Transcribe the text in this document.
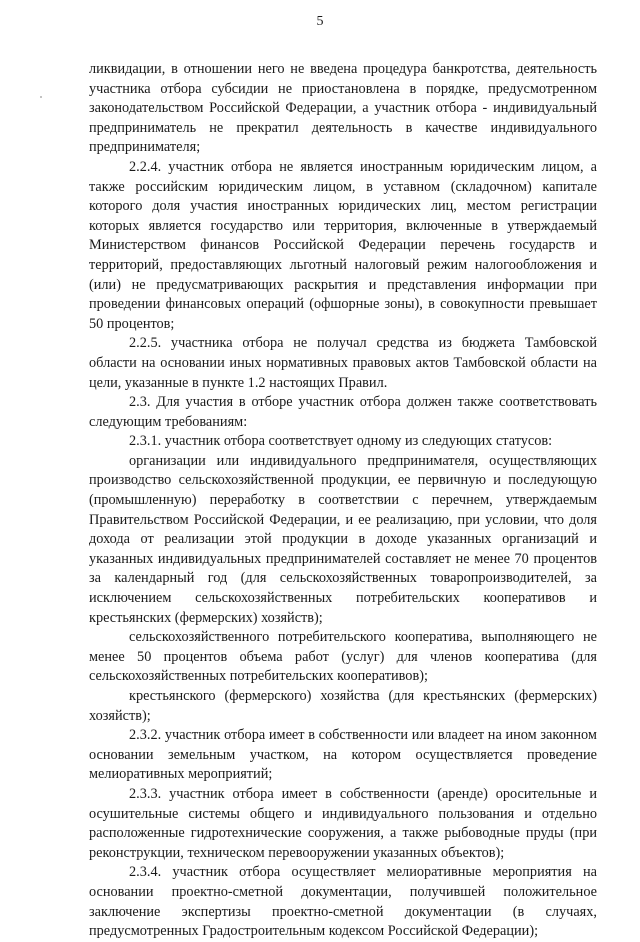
5

ликвидации, в отношении него не введена процедура банкротства, деятельность участника отбора субсидии не приостановлена в порядке, предусмотренном законодательством Российской Федерации, а участник отбора - индивидуальный предприниматель не прекратил деятельность в качестве индивидуального предпринимателя;

2.2.4. участник отбора не является иностранным юридическим лицом, а также российским юридическим лицом, в уставном (складочном) капитале которого доля участия иностранных юридических лиц, местом регистрации которых является государство или территория, включенные в утверждаемый Министерством финансов Российской Федерации перечень государств и территорий, предоставляющих льготный налоговый режим налогообложения и (или) не предусматривающих раскрытия и представления информации при проведении финансовых операций (офшорные зоны), в совокупности превышает 50 процентов;

2.2.5. участника отбора не получал средства из бюджета Тамбовской области на основании иных нормативных правовых актов Тамбовской области на цели, указанные в пункте 1.2 настоящих Правил.

2.3. Для участия в отборе участник отбора должен также соответствовать следующим требованиям:

2.3.1. участник отбора соответствует одному из следующих статусов:

организации или индивидуального предпринимателя, осуществляющих производство сельскохозяйственной продукции, ее первичную и последующую (промышленную) переработку в соответствии с перечнем, утверждаемым Правительством Российской Федерации, и ее реализацию, при условии, что доля дохода от реализации этой продукции в доходе указанных организаций и указанных индивидуальных предпринимателей составляет не менее 70 процентов за календарный год (для сельскохозяйственных товаропроизводителей, за исключением сельскохозяйственных потребительских кооперативов и крестьянских (фермерских) хозяйств);

сельскохозяйственного потребительского кооператива, выполняющего не менее 50 процентов объема работ (услуг) для членов кооператива (для сельскохозяйственных потребительских кооперативов);

крестьянского (фермерского) хозяйства (для крестьянских (фермерских) хозяйств);

2.3.2. участник отбора имеет в собственности или владеет на ином законном основании земельным участком, на котором осуществляется проведение мелиоративных мероприятий;

2.3.3. участник отбора имеет в собственности (аренде) оросительные и осушительные системы общего и индивидуального пользования и отдельно расположенные гидротехнические сооружения, а также рыбоводные пруды (при реконструкции, техническом перевооружении указанных объектов);

2.3.4. участник отбора осуществляет мелиоративные мероприятия на основании проектно-сметной документации, получившей положительное заключение экспертизы проектно-сметной документации (в случаях, предусмотренных Градостроительным кодексом Российской Федерации);
